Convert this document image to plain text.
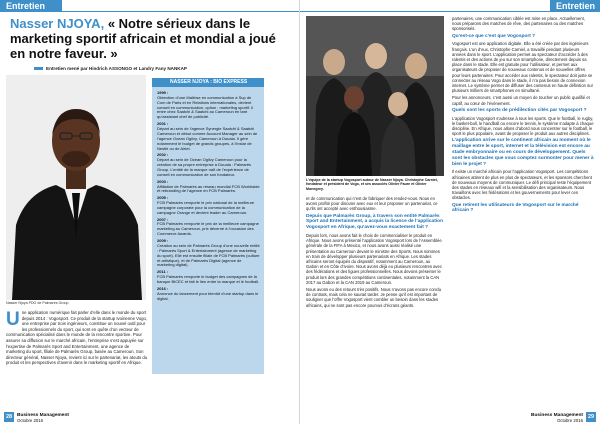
Entretien
Nasser NJOYA, « Notre sérieux dans le marketing sportif africain et mondial a joué en notre faveur. »
Entretien mené par Hindrich ASSONGO et Landry Fany NANKAP
Nasser Njoya PDG de Palmarès Group
NASSER NJOYA : BIO EXPRESS
1999 :
Obtention d’une Maîtrise en communication à Sup de Com de Paris et en Relations internationales, devient conseil en communication, option : marketing sportif. Il entre chez Saatchi & Saatchi au Cameroun en tant qu’assistant chef de publicité.
2001 :
Départ au sein de l’agence Synergie Saatchi & Saatchi Cameroun et début comme Account Manager au sein de l’agence Ocean Ogilvy, Cameroun à Douala. Il gère notamment le budget de grands groupes, à l’instar de Nestlé ou de Airtel.
2002 :
Départ au sein de Ocean Ogilvy Cameroun pour la création de sa propre entreprise à Douala : Palmarès Group. L’entité de la marque naît de l’expérience de conseil en communication de son fondateur.
2003 :
Affiliation de Palmarès au réseau mondial FCB Worldwide et rebranding de l’agence en FCB Palmarès.
2005 :
FCB Palmarès remporte le prix national de la meilleure campagne corporate pour la communication de la campagne Orange et devient leader au Cameroun.
2007 :
FCB Palmarès remporte le prix de la meilleure campagne marketing au Cameroun, prix décerné à l’occasion des Commerce Awards.
2009 :
Création au sein de Palmarès Group d’une nouvelle entité : Palmarès Sport & Entertainment (agence de marketing du sport). Elle est ensuite filiale de FCB Palmarès (culture et artistique), et de Palmarès Digital (agence de marketing digital).
2011 :
FCB Palmarès remporte le budget des campagnes de la banque BICEC et fait le lien entre la marque et le football.
2016 :
Annonce du lancement pour bientôt d’une startup dans le digital.
Une application numérique fait parler d’elle dans le monde du sport depuis 2014 : Vogosport. Ce produit de la startup Ivoirienne Vogo, une entreprise par trois ingénieurs, constitue un nouvel outil pour les professionnels du sport, qui sont en quête d’un vecteur de communication spécialisé dans le monde de la rencontre sportive. Pour assurer sa diffusion sur le marché africain, l’entreprise s’est appuyée sur l’expertise de Palmarès Sport and Entertainment, une agence de marketing du sport, filiale de Palmarès Group, basée au Cameroun. Son directeur général, Nasser Njoya, revient ici sur le partenariat, les atouts du produit et les perspectives d’avenir dans le marketing sportif en Afrique.
28	Business Management
Octobre 2016
Entretien
L’équipe de la startup Vogosport autour de Nasser Njoya. Christophe Carniel, fondateur et président de Vogo, et ses associés Olivier Faure et Olivier Monegrey.

et de communication qui n’est de fabriquer des rendez-vous. Nous en avons profité pour discuter avec eux et leur proposer un partenariat, ce qu’ils ont accepté avec enthousiasme.

Depuis que Palmarès Group, à travers son entité Palmarès Sport and Entertainment, a acquis la licence de l’application Vogosport en Afrique, qu’avez-vous exactement fait ?

Depuis lors, nous avons fait le choix de commercialiser le produit en Afrique. Nous avons présenté l’application Vogosport lors de l’Assemblée générale de la FIFA à Mexico, et nous avons aussi réalisé une présentation au Cameroun devant le ministre des Sports. Nous sommes en train de développer plusieurs partenariats en Afrique. Les stades africains seront équipés du dispositif, notamment au Cameroun, au Gabon et en Côte d’Ivoire. Nous avons déjà eu plusieurs rencontres avec des fédérations et des ligues professionnelles. Nous devons présenter le produit lors des grandes compétitions continentales, notamment la CAN 2017 au Gabon et la CAN 2019 au Cameroun.

Nous avons eu des retours très positifs. Nous n’avons pas encore conclu de contrats, mais cela ne saurait tarder. Je pense qu’il est important de souligner que l’offre Vogosport vient combler un besoin dans les stades africains, qui ne sont pas encore pourvus d’écrans géants.

partenaires, une communication ciblée est mise en place. Actuellement, nous préparons des matches de rêve, des partenaires ou des matches sponsorisés.

Qu’est-ce que c’est que Vogosport ?

Vogosport est une application digitale. Elle a été créée par des ingénieurs français. L’un d’eux, Christophe Carniel, a travaillé pendant plusieurs années dans le sport. L’application permet au spectateur d’accéder à des ralentis et des actions de jeu sur son smartphone, directement depuis sa place dans le stade. Elle est gratuite pour l’utilisateur, et permet aux organisateurs de proposer de nouveaux contenus et de nouvelles offres pour leurs partenaires. Pour accéder aux ralentis, le spectateur doit juste se connecter au réseau Vogo dans le stade, il n’a pas besoin de connexion internet. Le système permet de diffuser des contenus en haute définition sur plusieurs milliers de smartphones en simultané.

Pour les annonceurs, c’est aussi un moyen de toucher un public qualifié et captif, au cœur de l’événement.

Quels sont les sports de prédilection cités par Vogosport ?

L’application Vogosport s’adresse à tous les sports. Que le football, le rugby, le basket-ball, le handball ou encore le tennis, le système s’adapte à chaque discipline. En Afrique, nous allons d’abord nous concentrer sur le football, le sport le plus populaire, avant de proposer le produit aux autres disciplines.

L’application arrive sur le continent africain au moment où le maillage entre le sport, internet et la télévision est encore au stade embryonnaire ou en cours de développement. Quels sont les obstacles que vous comptez surmonter pour mener à bien le projet ?

Il existe un marché africain pour l’application Vogosport. Les compétitions africaines attirent de plus en plus de spectateurs, et les sponsors cherchent de nouveaux moyens de communiquer. Le défi principal reste l’équipement des stades en réseaux wifi et la sensibilisation des organisateurs. Nous travaillons avec les fédérations et les gouvernements pour lever ces obstacles.

Que retirent les utilisateurs de Vogosport sur le marché africain ?

Business Management
Octobre 2016
29
